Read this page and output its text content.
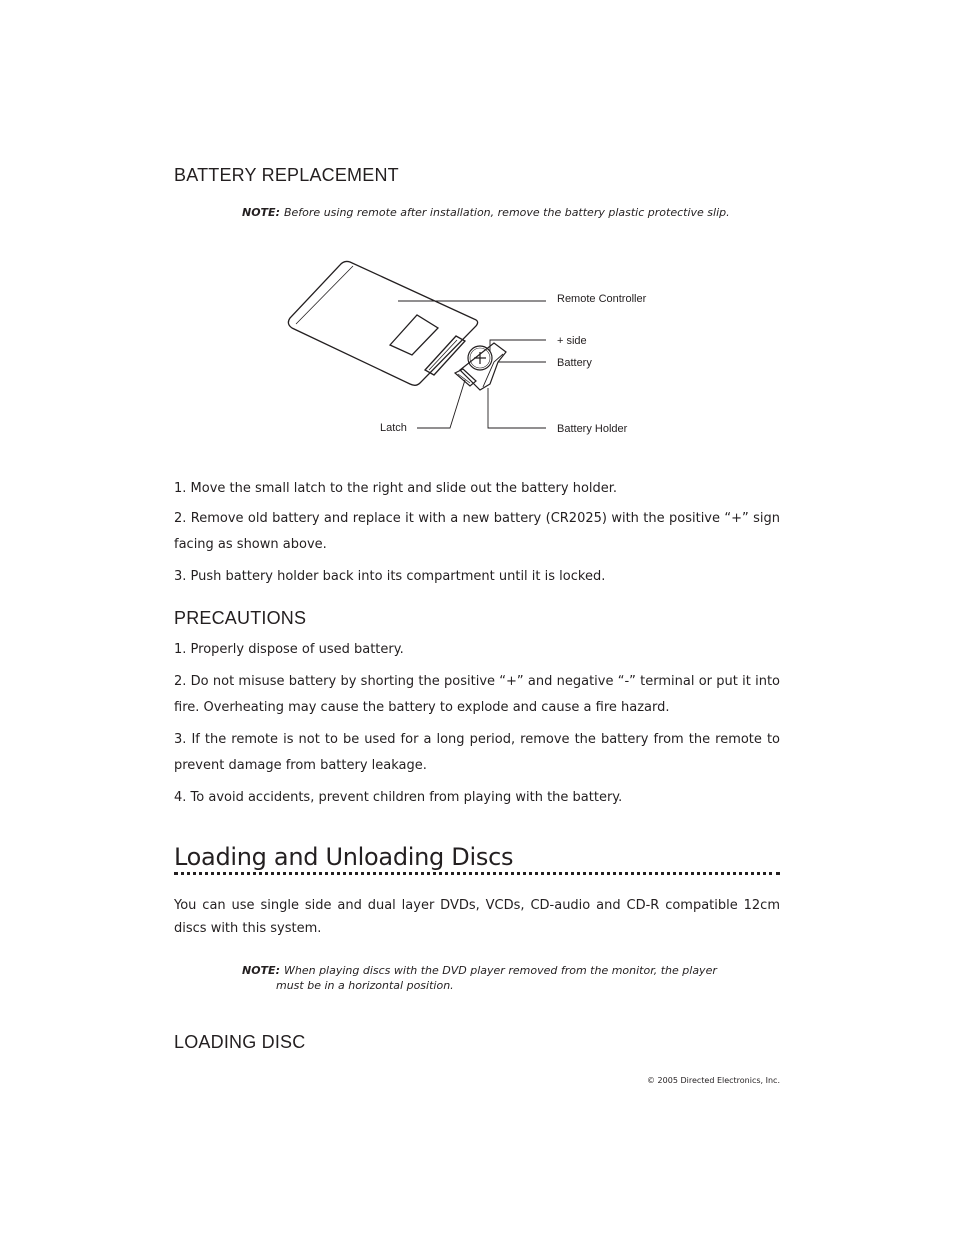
BATTERY REPLACEMENT
NOTE: Before using remote after installation, remove the battery plastic protective slip.
Remote Controller
+ side
Battery
Latch	Battery Holder

1. Move the small latch to the right and slide out the battery holder.

2. Remove old battery and replace it with a new battery (CR2025) with the positive “+” sign facing as shown above.

3. Push battery holder back into its compartment until it is locked.

PRECAUTIONS

1. Properly dispose of used battery.

2. Do not misuse battery by shorting the positive “+” and negative “-” terminal or put it into fire. Overheating may cause the battery to explode and cause a fire hazard.

3. If the remote is not to be used for a long period, remove the battery from the remote to prevent damage from battery leakage.

4. To avoid accidents, prevent children from playing with the battery.

Loading and Unloading Discs

You can use single side and dual layer DVDs, VCDs, CD-audio and CD-R compatible 12cm discs with this system.

NOTE: When playing discs with the DVD player removed from the monitor, the player
must be in a horizontal position.
LOADING DISC
© 2005 Directed Electronics, Inc.
